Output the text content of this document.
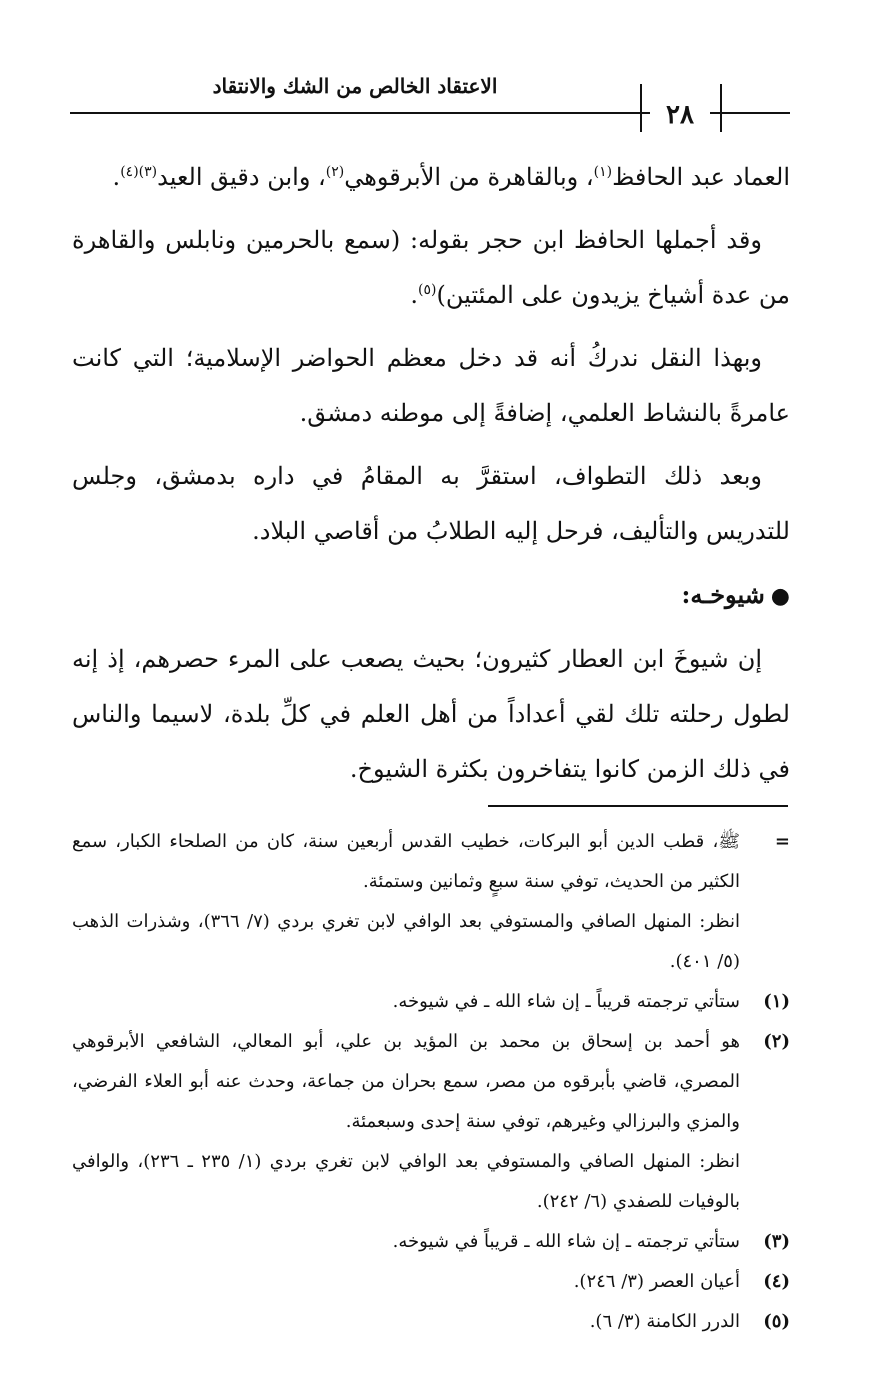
الاعتقاد الخالص من الشك والانتقاد
٢٨

العماد عبد الحافظ$^{(١)}$، وبالقاهرة من الأبرقوهي$^{(٢)}$، وابن دقيق العيد$^{(٣)(٤)}$.

وقد أجملها الحافظ ابن حجر بقوله: (سمع بالحرمين ونابلس والقاهرة من عدة أشياخ يزيدون على المئتين)$^{(٥)}$.

وبهذا النقل ندركُ أنه قد دخل معظم الحواضر الإسلامية؛ التي كانت عامرةً بالنشاط العلمي، إضافةً إلى موطنه دمشق.

وبعد ذلك التطواف، استقرَّ به المقامُ في داره بدمشق، وجلس للتدريس والتأليف، فرحل إليه الطلابُ من أقاصي البلاد.

●شيوخـه:

إن شيوخَ ابن العطار كثيرون؛ بحيث يصعب على المرء حصرهم، إذ إنه لطول رحلته تلك لقي أعداداً من أهل العلم في كلِّ بلدة، لاسيما والناس في ذلك الزمن كانوا يتفاخرون بكثرة الشيوخ.

=
ﷺ، قطب الدين أبو البركات، خطيب القدس أربعين سنة، كان من الصلحاء الكبار، سمع الكثير من الحديث، توفي سنة سبعٍ وثمانين وستمئة.
انظر: المنهل الصافي والمستوفي بعد الوافي لابن تغري بردي (٧/ ٣٦٦)، وشذرات الذهب (٥/ ٤٠١).
(١)
ستأتي ترجمته قريباً ـ إن شاء الله ـ في شيوخه.
(٢)
هو أحمد بن إسحاق بن محمد بن المؤيد بن علي، أبو المعالي، الشافعي الأبرقوهي المصري، قاضي بأبرقوه من مصر، سمع بحران من جماعة، وحدث عنه أبو العلاء الفرضي، والمزي والبرزالي وغيرهم، توفي سنة إحدى وسبعمئة.
انظر: المنهل الصافي والمستوفي بعد الوافي لابن تغري بردي (١/ ٢٣٥ ـ ٢٣٦)، والوافي بالوفيات للصفدي (٦/ ٢٤٢).
(٣)
ستأتي ترجمته ـ إن شاء الله ـ قريباً في شيوخه.
(٤)
أعيان العصر (٣/ ٢٤٦).
(٥)
الدرر الكامنة (٣/ ٦).
